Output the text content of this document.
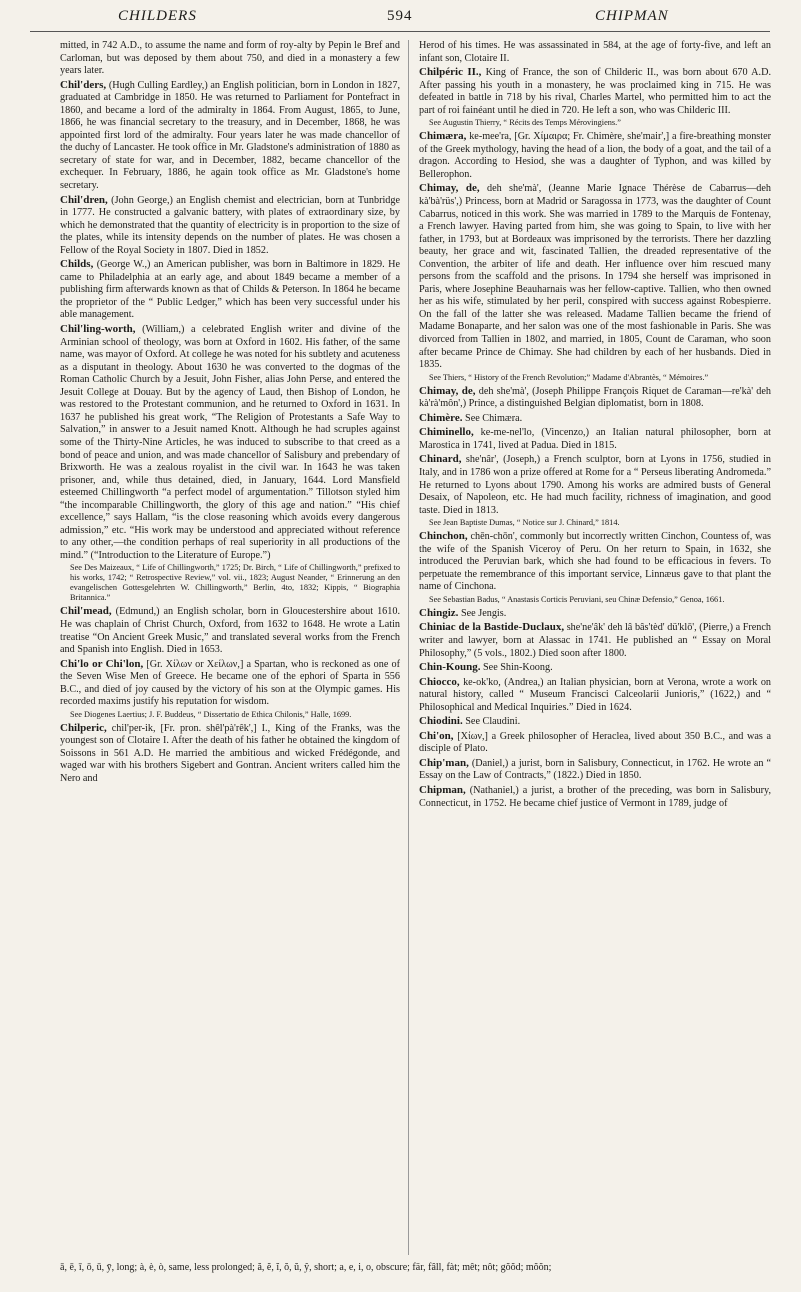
CHILDERS	594	CHIPMAN

mitted, in 742 A.D., to assume the name and form of roy-alty by Pepin le Bref and Carloman, but was deposed by them about 750, and died in a monastery a few years later.

Chil'ders, (Hugh Culling Eardley,) an English politician, born in London in 1827, graduated at Cambridge in 1850. He was returned to Parliament for Pontefract in 1860, and became a lord of the admiralty in 1864. From August, 1865, to June, 1866, he was financial secretary to the treasury, and in December, 1868, he was appointed first lord of the admiralty. Four years later he was made chancellor of the duchy of Lancaster. He took office in Mr. Gladstone's administration of 1880 as secretary of state for war, and in December, 1882, became chancellor of the exchequer. In February, 1886, he again took office as Mr. Gladstone's home secretary.

Chil'dren, (John George,) an English chemist and electrician, born at Tunbridge in 1777. He constructed a galvanic battery, with plates of extraordinary size, by which he demonstrated that the quantity of electricity is in proportion to the size of the plates, while its intensity depends on the number of plates. He was chosen a Fellow of the Royal Society in 1807. Died in 1852.

Childs, (George W.,) an American publisher, was born in Baltimore in 1829. He came to Philadelphia at an early age, and about 1849 became a member of a publishing firm afterwards known as that of Childs & Peterson. In 1864 he became the proprietor of the “ Public Ledger,” which has been very successful under his able management.

Chil'ling-worth, (William,) a celebrated English writer and divine of the Arminian school of theology, was born at Oxford in 1602. His father, of the same name, was mayor of Oxford. At college he was noted for his subtlety and acuteness as a disputant in theology. About 1630 he was converted to the dogmas of the Roman Catholic Church by a Jesuit, John Fisher, alias John Perse, and entered the Jesuit College at Douay. But by the agency of Laud, then Bishop of London, he was restored to the Protestant communion, and he returned to Oxford in 1631. In 1637 he published his great work, “The Religion of Protestants a Safe Way to Salvation,” in answer to a Jesuit named Knott. Although he had scruples against some of the Thirty-Nine Articles, he was induced to subscribe to that creed as a bond of peace and union, and was made chancellor of Salisbury and prebendary of Brixworth. He was a zealous royalist in the civil war. In 1643 he was taken prisoner, and, while thus detained, died, in January, 1644. Lord Mansfield esteemed Chillingworth “a perfect model of argumentation.” Tillotson styled him “the incomparable Chillingworth, the glory of this age and nation.” “His chief excellence,” says Hallam, “is the close reasoning which avoids every dangerous admission,” etc. “His work may be understood and appreciated without reference to any other,—the condition perhaps of real superiority in all productions of the mind.” (“Introduction to the Literature of Europe.”)

See Des Maizeaux, “ Life of Chillingworth,” 1725; Dr. Birch, “ Life of Chillingworth,” prefixed to his works, 1742; “ Retrospective Review,” vol. vii., 1823; August Neander, “ Erinnerung an den evangelischen Gottesgelehrten W. Chillingworth,” Berlin, 4to, 1832; Kippis, “ Biographia Britannica.”

Chil'mead, (Edmund,) an English scholar, born in Gloucestershire about 1610. He was chaplain of Christ Church, Oxford, from 1632 to 1648. He wrote a Latin treatise “On Ancient Greek Music,” and translated several works from the French and Spanish into English. Died in 1653.

Chi'lo or Chi'lon, [Gr. Χίλων or Χείλων,] a Spartan, who is reckoned as one of the Seven Wise Men of Greece. He became one of the ephori of Sparta in 556 B.C., and died of joy caused by the victory of his son at the Olympic games. His recorded maxims justify his reputation for wisdom.

See Diogenes Laertius; J. F. Buddeus, “ Dissertatio de Ethica Chilonis,” Halle, 1699.

Chilperic, chil'per-ik, [Fr. pron. shêl'pà'rêk',] I., King of the Franks, was the youngest son of Clotaire I. After the death of his father he obtained the kingdom of Soissons in 561 A.D. He married the ambitious and wicked Frédégonde, and waged war with his brothers Sigebert and Gontran. Ancient writers called him the Nero and

Herod of his times. He was assassinated in 584, at the age of forty-five, and left an infant son, Clotaire II.

Chilpéric II., King of France, the son of Childeric II., was born about 670 A.D. After passing his youth in a monastery, he was proclaimed king in 715. He was defeated in battle in 718 by his rival, Charles Martel, who permitted him to act the part of roi fainéant until he died in 720. He left a son, who was Childeric III.

See Augustin Thierry, “ Récits des Temps Mérovingiens.”

Chimæra, ke-mee'ra, [Gr. Χίμαιρα; Fr. Chimère, she'mair',] a fire-breathing monster of the Greek mythology, having the head of a lion, the body of a goat, and the tail of a dragon. According to Hesiod, she was a daughter of Typhon, and was killed by Bellerophon.

Chimay, de, deh she'mà', (Jeanne Marie Ignace Thérèse de Cabarrus—deh kà'bà'rüs',) Princess, born at Madrid or Saragossa in 1773, was the daughter of Count Cabarrus, noticed in this work. She was married in 1789 to the Marquis de Fontenay, a French lawyer. Having parted from him, she was going to Spain, to live with her father, in 1793, but at Bordeaux was imprisoned by the terrorists. There her dazzling beauty, her grace and wit, fascinated Tallien, the dreaded representative of the Convention, the arbiter of life and death. Her influence over him rescued many persons from the scaffold and the prisons. In 1794 she herself was imprisoned in Paris, where Josephine Beauharnais was her fellow-captive. Tallien, who then owned her as his wife, stimulated by her peril, conspired with success against Robespierre. On the fall of the latter she was released. Madame Tallien became the friend of Madame Bonaparte, and her salon was one of the most fashionable in Paris. She was divorced from Tallien in 1802, and married, in 1805, Count de Caraman, who soon after became Prince de Chimay. She had children by each of her husbands. Died in 1835.

See Thiers, “ History of the French Revolution;” Madame d'Abrantès, “ Mémoires.”

Chimay, de, deh she'mà', (Joseph Philippe François Riquet de Caraman—re'kà' deh kà'rà'môn',) Prince, a distinguished Belgian diplomatist, born in 1808.

Chimère. See Chimæra.

Chiminello, ke-me-nel'lo, (Vincenzo,) an Italian natural philosopher, born at Marostica in 1741, lived at Padua. Died in 1815.

Chinard, she'nâr', (Joseph,) a French sculptor, born at Lyons in 1756, studied in Italy, and in 1786 won a prize offered at Rome for a “ Perseus liberating Andromeda.” He returned to Lyons about 1790. Among his works are admired busts of General Desaix, of Napoleon, etc. He had much facility, richness of imagination, and good taste. Died in 1813.

See Jean Baptiste Dumas, “ Notice sur J. Chinard,” 1814.

Chinchon, chēn-chōn', commonly but incorrectly written Cinchon, Countess of, was the wife of the Spanish Viceroy of Peru. On her return to Spain, in 1632, she introduced the Peruvian bark, which she had found to be efficacious in fevers. To perpetuate the remembrance of this important service, Linnæus gave to that plant the name of Cinchona.

See Sebastian Badus, “ Anastasis Corticis Peruviani, seu Chinæ Defensio,” Genoa, 1661.

Chingiz. See Jengis.

Chiniac de la Bastide-Duclaux, she'ne'âk' deh lâ bâs'tèd' dü'klō', (Pierre,) a French writer and lawyer, born at Alassac in 1741. He published an “ Essay on Moral Philosophy,” (5 vols., 1802.) Died soon after 1800.

Chin-Koung. See Shin-Koong.

Chiocco, ke-ok'ko, (Andrea,) an Italian physician, born at Verona, wrote a work on natural history, called “ Museum Francisci Calceolarii Junioris,” (1622,) and “ Philosophical and Medical Inquiries.” Died in 1624.

Chiodini. See Claudini.

Chi'on, [Χίων,] a Greek philosopher of Heraclea, lived about 350 B.C., and was a disciple of Plato.

Chip'man, (Daniel,) a jurist, born in Salisbury, Connecticut, in 1762. He wrote an “ Essay on the Law of Contracts,” (1822.) Died in 1850.

Chipman, (Nathaniel,) a jurist, a brother of the preceding, was born in Salisbury, Connecticut, in 1752. He became chief justice of Vermont in 1789, judge of

ā, ē, ī, ō, ū, ȳ, long; à, è, ò, same, less prolonged; ă, ĕ, ĭ, ŏ, ŭ, ŷ, short; a, e, i, o, obscure; fär, fâll, fàt; mêt; nôt; gŏŏd; mŏŏn;
